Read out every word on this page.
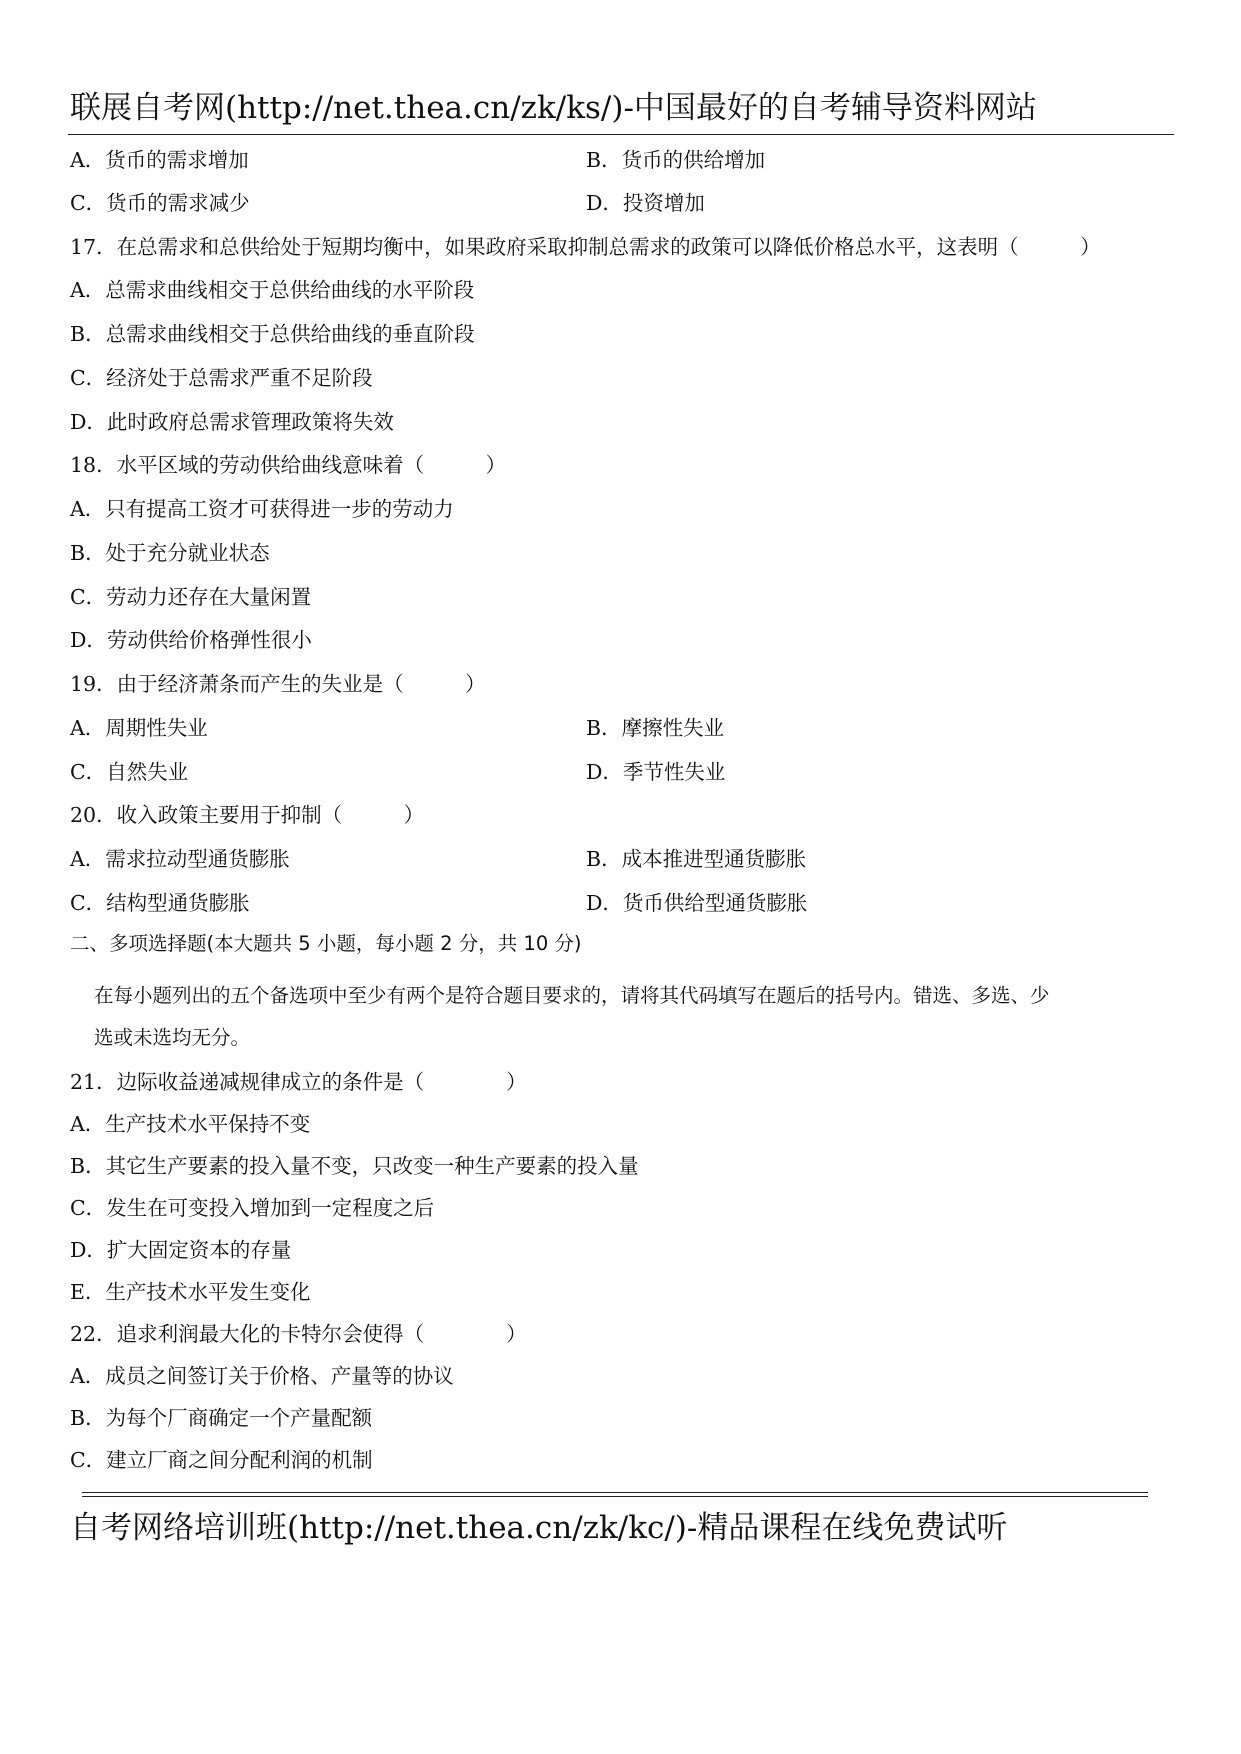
联展自考网(http://net.thea.cn/zk/ks/)-中国最好的自考辅导资料网站
A．货币的需求增加	B．货币的供给增加
C．货币的需求减少	D．投资增加
17．在总需求和总供给处于短期均衡中，如果政府采取抑制总需求的政策可以降低价格总水平，这表明（　　　）
A．总需求曲线相交于总供给曲线的水平阶段
B．总需求曲线相交于总供给曲线的垂直阶段
C．经济处于总需求严重不足阶段
D．此时政府总需求管理政策将失效
18．水平区域的劳动供给曲线意味着（　　　）
A．只有提高工资才可获得进一步的劳动力
B．处于充分就业状态
C．劳动力还存在大量闲置
D．劳动供给价格弹性很小
19．由于经济萧条而产生的失业是（　　　）
A．周期性失业	B．摩擦性失业
C．自然失业	D．季节性失业
20．收入政策主要用于抑制（　　　）
A．需求拉动型通货膨胀	B．成本推进型通货膨胀
C．结构型通货膨胀	D．货币供给型通货膨胀
二、多项选择题(本大题共 5 小题，每小题 2 分，共 10 分)
在每小题列出的五个备选项中至少有两个是符合题目要求的，请将其代码填写在题后的括号内。错选、多选、少
选或未选均无分。
21．边际收益递减规律成立的条件是（　　　　）
A．生产技术水平保持不变
B．其它生产要素的投入量不变，只改变一种生产要素的投入量
C．发生在可变投入增加到一定程度之后
D．扩大固定资本的存量
E．生产技术水平发生变化
22．追求利润最大化的卡特尔会使得（　　　　）
A．成员之间签订关于价格、产量等的协议
B．为每个厂商确定一个产量配额
C．建立厂商之间分配利润的机制
自考网络培训班(http://net.thea.cn/zk/kc/)-精品课程在线免费试听
